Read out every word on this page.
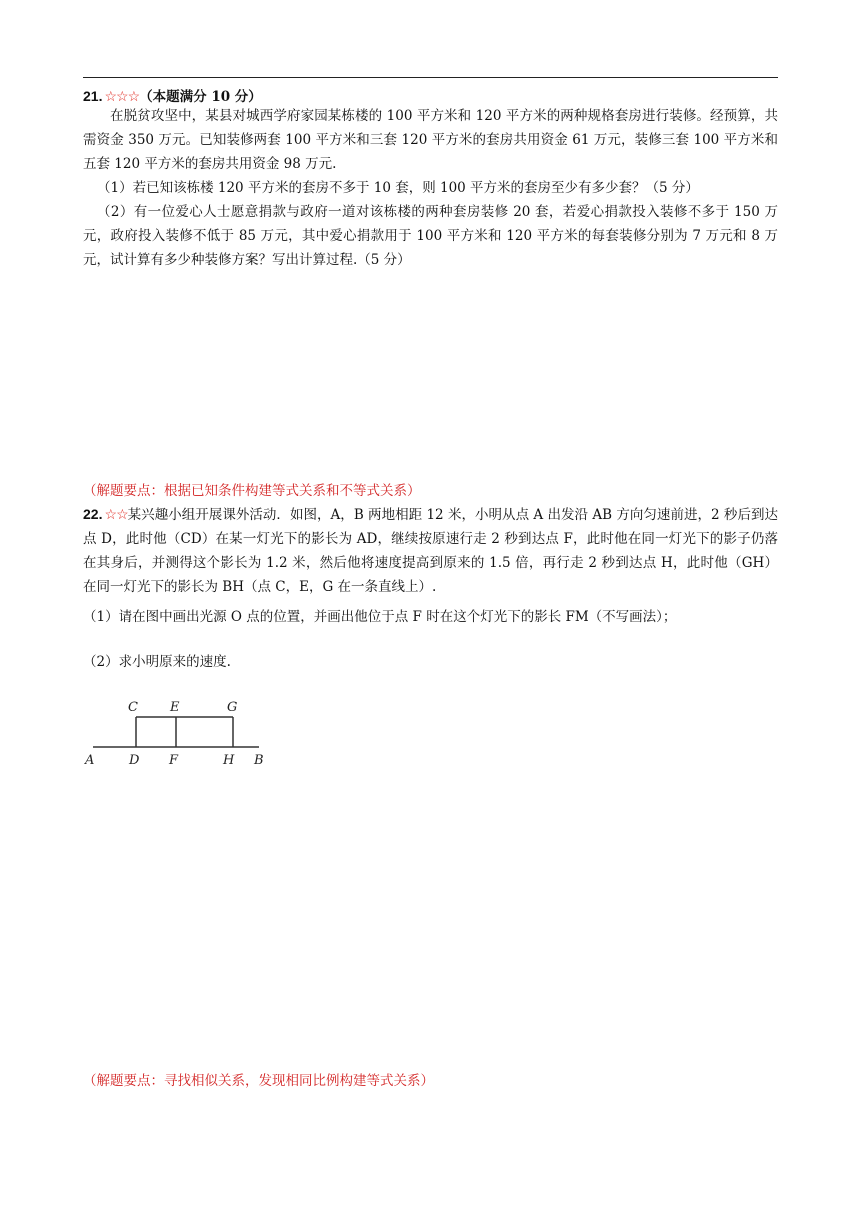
21. ☆☆☆（本题满分 10 分）
在脱贫攻坚中，某县对城西学府家园某栋楼的 100 平方米和 120 平方米的两种规格套房进行装修。经预算，共需资金 350 万元。已知装修两套 100 平方米和三套 120 平方米的套房共用资金 61 万元，装修三套 100 平方米和五套 120 平方米的套房共用资金 98 万元.
（1）若已知该栋楼 120 平方米的套房不多于 10 套，则 100 平方米的套房至少有多少套？（5 分）
（2）有一位爱心人士愿意捐款与政府一道对该栋楼的两种套房装修 20 套，若爱心捐款投入装修不多于 150 万元，政府投入装修不低于 85 万元，其中爱心捐款用于 100 平方米和 120 平方米的每套装修分别为 7 万元和 8 万元，试计算有多少种装修方案？写出计算过程.（5 分）
（解题要点：根据已知条件构建等式关系和不等式关系）
22. ☆☆某兴趣小组开展课外活动．如图，A，B 两地相距 12 米，小明从点 A 出发沿 AB 方向匀速前进，2 秒后到达点 D，此时他（CD）在某一灯光下的影长为 AD，继续按原速行走 2 秒到达点 F，此时他在同一灯光下的影子仍落在其身后，并测得这个影长为 1.2 米，然后他将速度提高到原来的 1.5 倍，再行走 2 秒到达点 H，此时他（GH）在同一灯光下的影长为 BH（点 C，E，G 在一条直线上）.
（1）请在图中画出光源 O 点的位置，并画出他位于点 F 时在这个灯光下的影长 FM（不写画法）；
（2）求小明原来的速度.
C E	G
A	D F	H B
（解题要点：寻找相似关系，发现相同比例构建等式关系）
